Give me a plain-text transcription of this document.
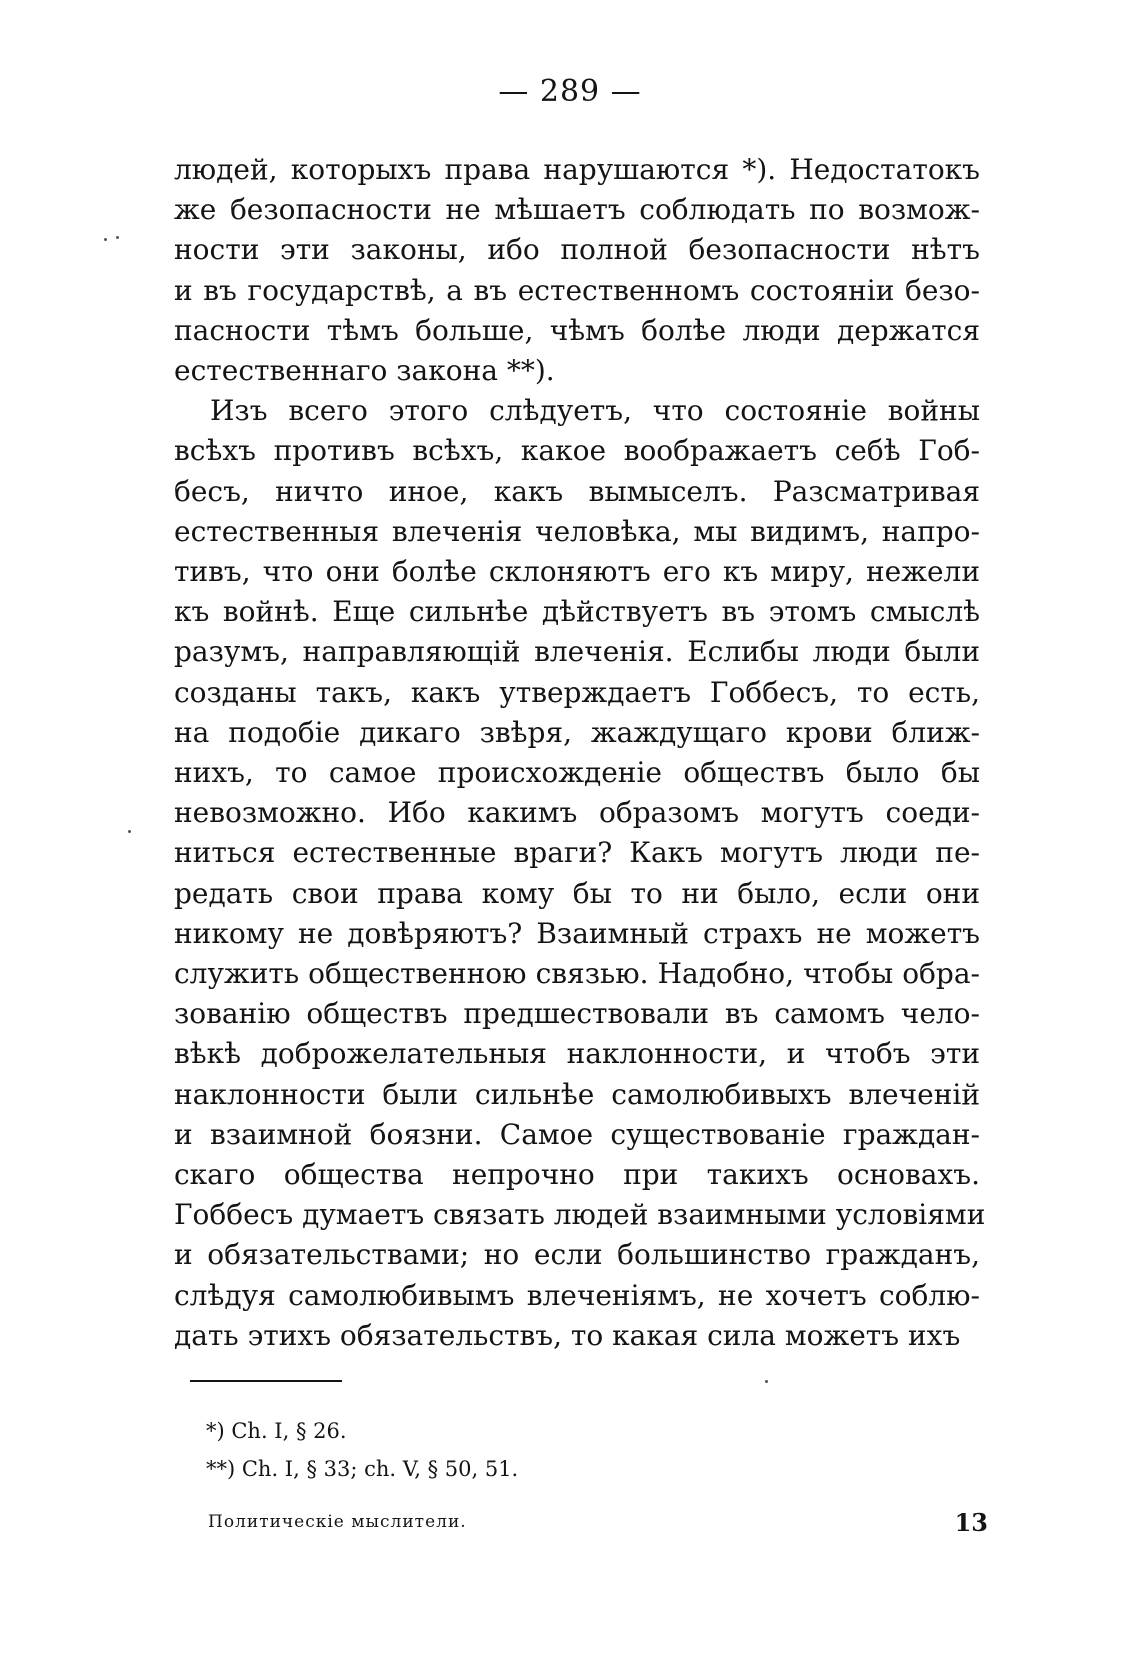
— 289 —
людей, которыхъ права нарушаются *). Недостатокъ
же безопасности не мѣшаетъ соблюдать по возмож-
ности эти законы, ибо полной безопасности нѣтъ
и въ государствѣ, а въ естественномъ состояніи безо-
пасности тѣмъ больше, чѣмъ болѣе люди держатся
естественнаго закона **).
Изъ всего этого слѣдуетъ, что состояніе войны
всѣхъ противъ всѣхъ, какое воображаетъ себѣ Гоб-
бесъ, ничто иное, какъ вымыселъ. Разсматривая
естественныя влеченія человѣка, мы видимъ, напро-
тивъ, что они болѣе склоняютъ его къ миру, нежели
къ войнѣ. Еще сильнѣе дѣйствуетъ въ этомъ смыслѣ
разумъ, направляющій влеченія. Еслибы люди были
созданы такъ, какъ утверждаетъ Гоббесъ, то есть,
на подобіе дикаго звѣря, жаждущаго крови ближ-
нихъ, то самое происхожденіе обществъ было бы
невозможно. Ибо какимъ образомъ могутъ соеди-
ниться естественные враги? Какъ могутъ люди пе-
редать свои права кому бы то ни было, если они
никому не довѣряютъ? Взаимный страхъ не можетъ
служить общественною связью. Надобно, чтобы обра-
зованію обществъ предшествовали въ самомъ чело-
вѣкѣ доброжелательныя наклонности, и чтобъ эти
наклонности были сильнѣе самолюбивыхъ влеченій
и взаимной боязни. Самое существованіе граждан-
скаго общества непрочно при такихъ основахъ.
Гоббесъ думаетъ связать людей взаимными условіями
и обязательствами; но если большинство гражданъ,
слѣдуя самолюбивымъ влеченіямъ, не хочетъ соблю-
дать этихъ обязательствъ, то какая сила можетъ ихъ
*) Ch. I, § 26.
**) Ch. I, § 33; ch. V, § 50, 51.
Политическіе мыслители.	13
